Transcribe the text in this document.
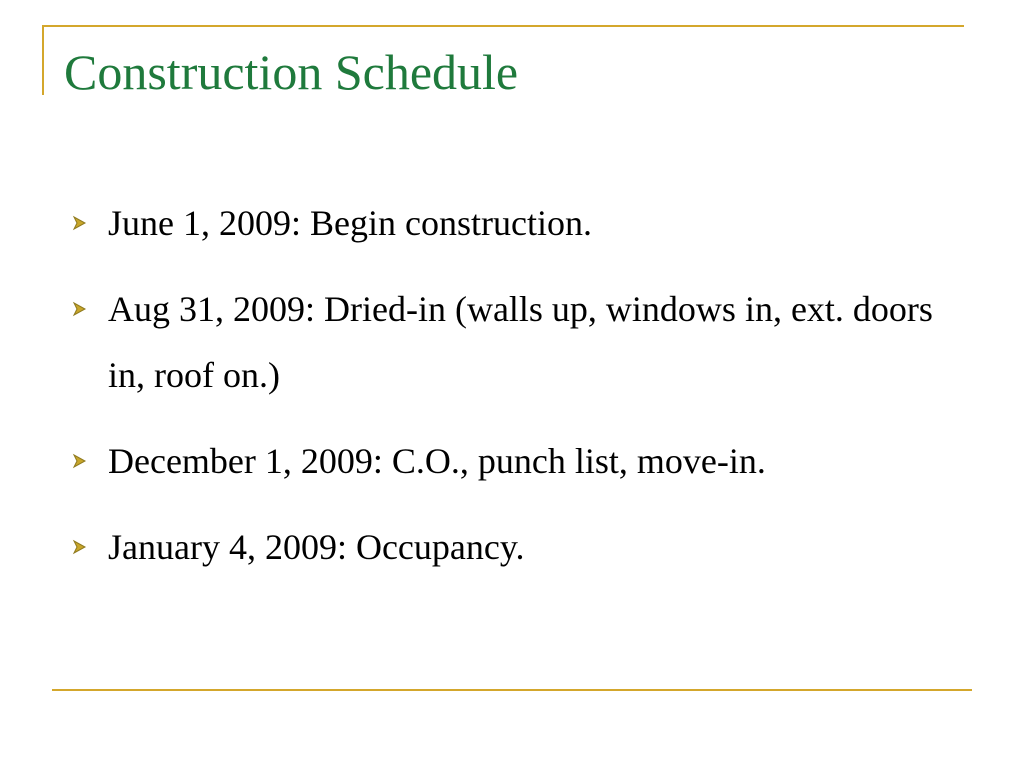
Construction Schedule
June 1, 2009: Begin construction.
Aug 31, 2009: Dried-in (walls up, windows in, ext. doors in, roof on.)
December 1, 2009: C.O., punch list, move-in.
January 4, 2009: Occupancy.
